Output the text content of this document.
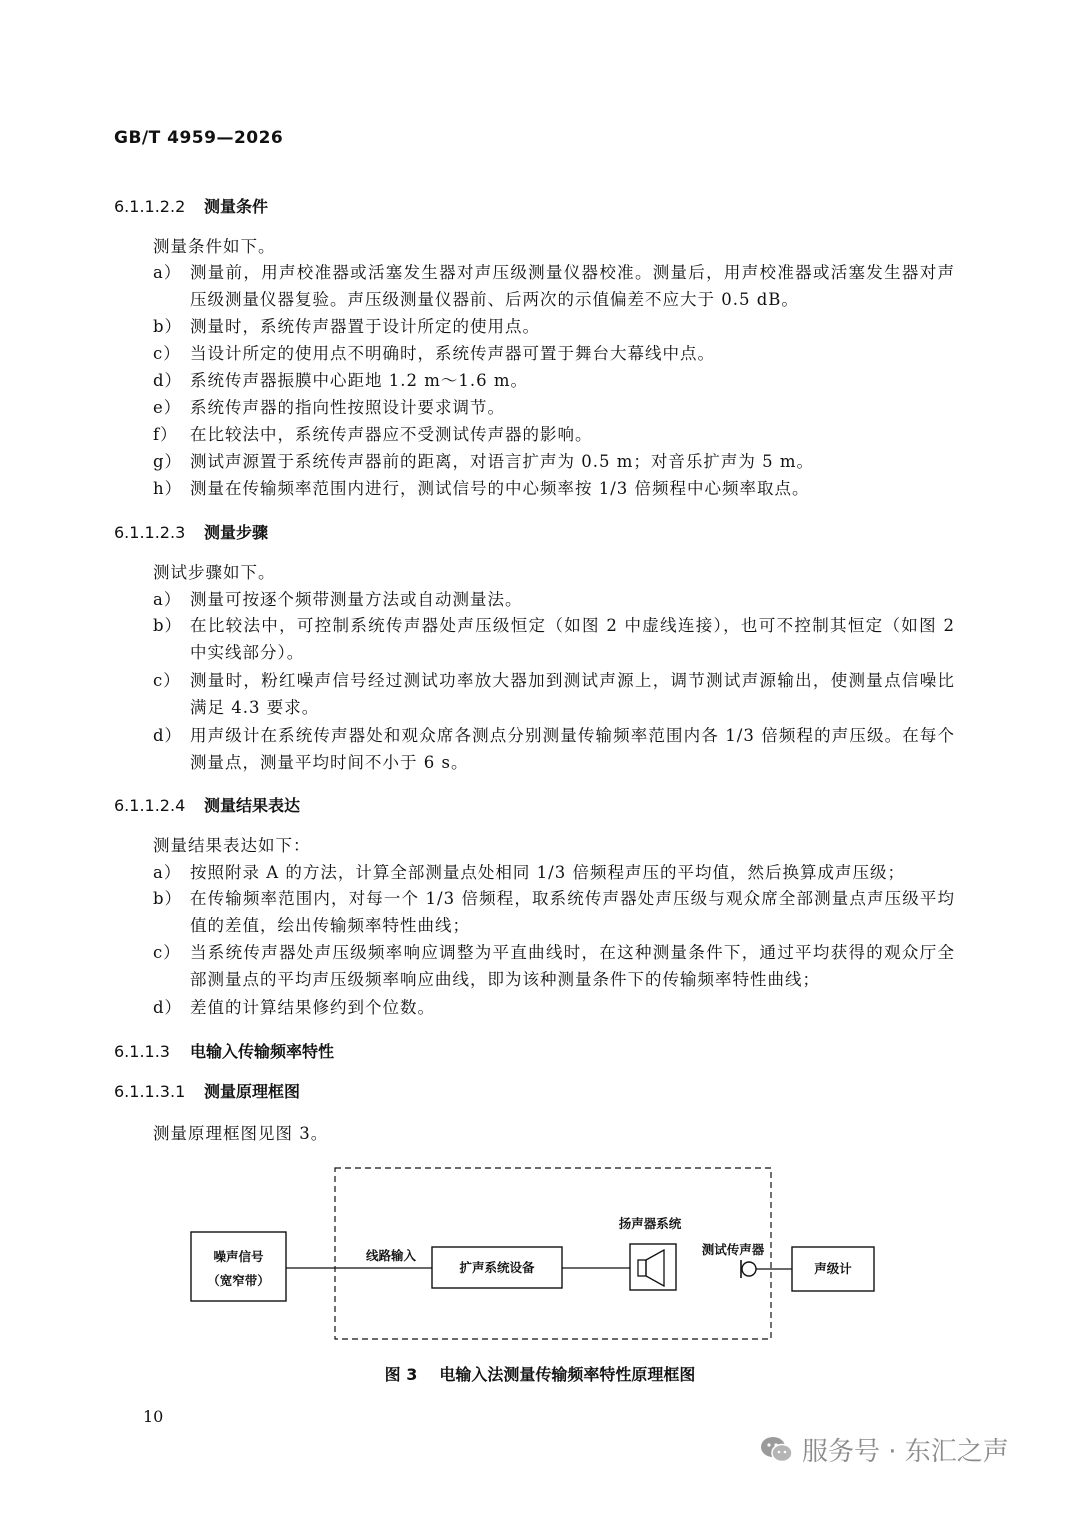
GB/T 4959—2026
6.1.1.2.2 测量条件
测量条件如下。
a） 测量前，用声校准器或活塞发生器对声压级测量仪器校准。测量后，用声校准器或活塞发生器对声压级测量仪器复验。声压级测量仪器前、后两次的示值偏差不应大于 0.5 dB。
b） 测量时，系统传声器置于设计所定的使用点。
c） 当设计所定的使用点不明确时，系统传声器可置于舞台大幕线中点。
d） 系统传声器振膜中心距地 1.2 m～1.6 m。
e） 系统传声器的指向性按照设计要求调节。
f） 在比较法中，系统传声器应不受测试传声器的影响。
g） 测试声源置于系统传声器前的距离，对语言扩声为 0.5 m；对音乐扩声为 5 m。
h） 测量在传输频率范围内进行，测试信号的中心频率按 1/3 倍频程中心频率取点。
6.1.1.2.3 测量步骤
测试步骤如下。
a） 测量可按逐个频带测量方法或自动测量法。
b） 在比较法中，可控制系统传声器处声压级恒定（如图 2 中虚线连接），也可不控制其恒定（如图 2 中实线部分）。
c） 测量时，粉红噪声信号经过测试功率放大器加到测试声源上，调节测试声源输出，使测量点信噪比满足 4.3 要求。
d） 用声级计在系统传声器处和观众席各测点分别测量传输频率范围内各 1/3 倍频程的声压级。在每个测量点，测量平均时间不小于 6 s。
6.1.1.2.4 测量结果表达
测量结果表达如下：
a） 按照附录 A 的方法，计算全部测量点处相同 1/3 倍频程声压的平均值，然后换算成声压级；
b） 在传输频率范围内，对每一个 1/3 倍频程，取系统传声器处声压级与观众席全部测量点声压级平均值的差值，绘出传输频率特性曲线；
c） 当系统传声器处声压级频率响应调整为平直曲线时，在这种测量条件下，通过平均获得的观众厅全部测量点的平均声压级频率响应曲线，即为该种测量条件下的传输频率特性曲线；
d） 差值的计算结果修约到个位数。
6.1.1.3 电输入传输频率特性
6.1.1.3.1 测量原理框图
测量原理框图见图 3。
噪声信号
（宽窄带）
线路输入
扩声系统设备
扬声器系统
测试传声器
声级计
图 3 电输入法测量传输频率特性原理框图
10
服务号 · 东汇之声
